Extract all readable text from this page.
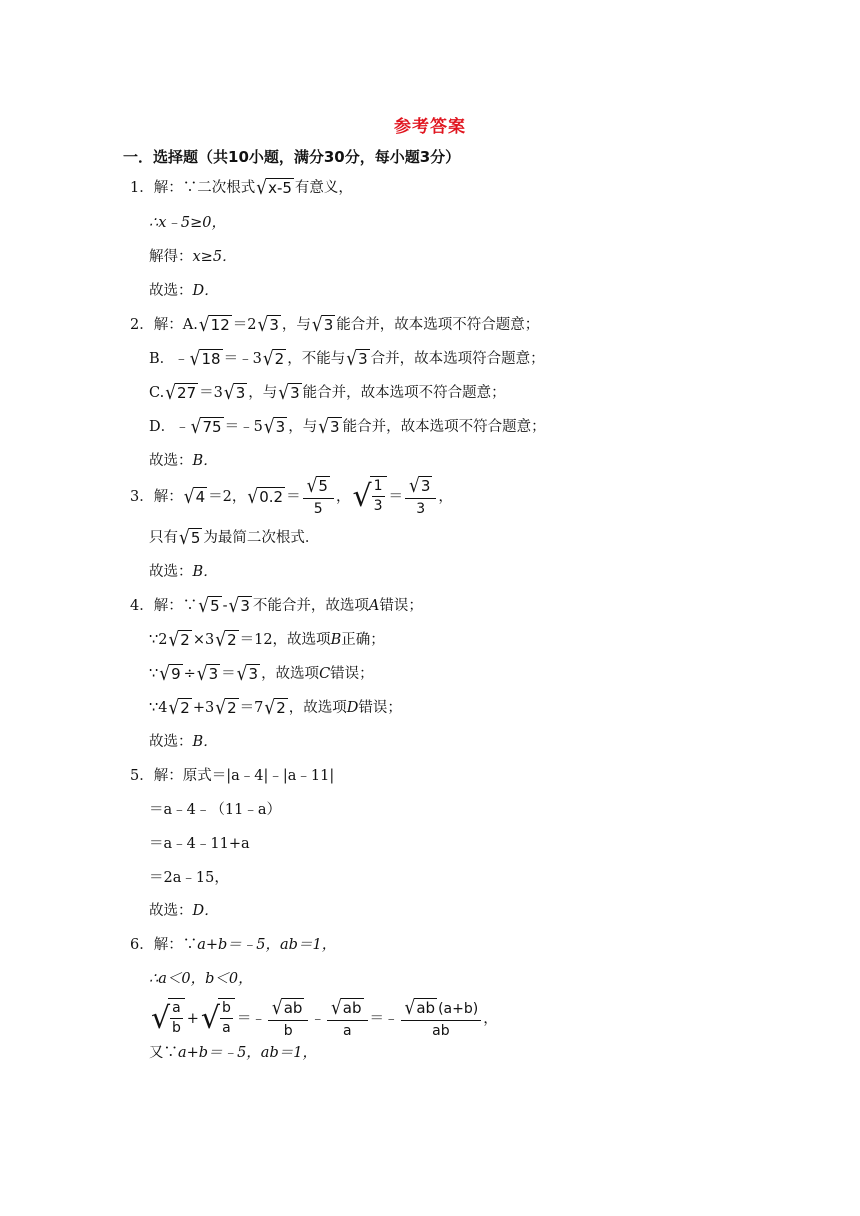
参考答案
一．选择题（共10小题，满分30分，每小题3分）
1．解：∵二次根式 √ x-5 有意义，
∴x﹣5≥0，
解得： x≥5．
故选： D．
2．解：A. √ 12 ＝2 √ 3 ，与 √ 3 能合并，故本选项不符合题意；
B．﹣ √ 18 ＝﹣3 √ 2 ，不能与 √ 3 合并，故本选项符合题意；
C. √ 27 ＝3 √ 3 ，与 √ 3 能合并，故本选项不符合题意；
D．﹣ √ 75 ＝﹣5 √ 3 ，与 √ 3 能合并，故本选项不符合题意；
故选： B．
3．解： √ 4 ＝2， √ $0.2 = \frac{√ 5}{5}$ ， √
$\frac{1}{3} = \frac{√ 3}{3}$ ，
只有 √ 5 为最简二次根式．
故选： B．
4．解：∵ √ 5 - √ 3 不能合并，故选项 A 错误；
∵2 √ 2 ×3 √ 2 ＝12，故选项 B 正确；
∵ √ 9 ÷ √ 3 ＝ √ 3 ，故选项 C 错误；
∵4 √ 2 +3 √ 2 ＝7 √ 2 ，故选项 D 错误；
故选： B．
5．解：原式＝|a﹣4|﹣|a﹣11|
＝a﹣4﹣（11﹣a）
＝a﹣4﹣11+a
＝2a﹣15，
故选： D．
6．解：∵ a+b＝﹣5，ab＝1，
∴a＜0，b＜0，
√
$\frac{a}{b}$ + √
$\frac{b}{a}$ ＝﹣ $\frac{√ ab}{b}$ ﹣ $\frac{√ ab}{a}$ ＝﹣ $\frac{√ ab (a+b)}{ab}$ ，
又∵ a+b＝﹣5，ab＝1，
